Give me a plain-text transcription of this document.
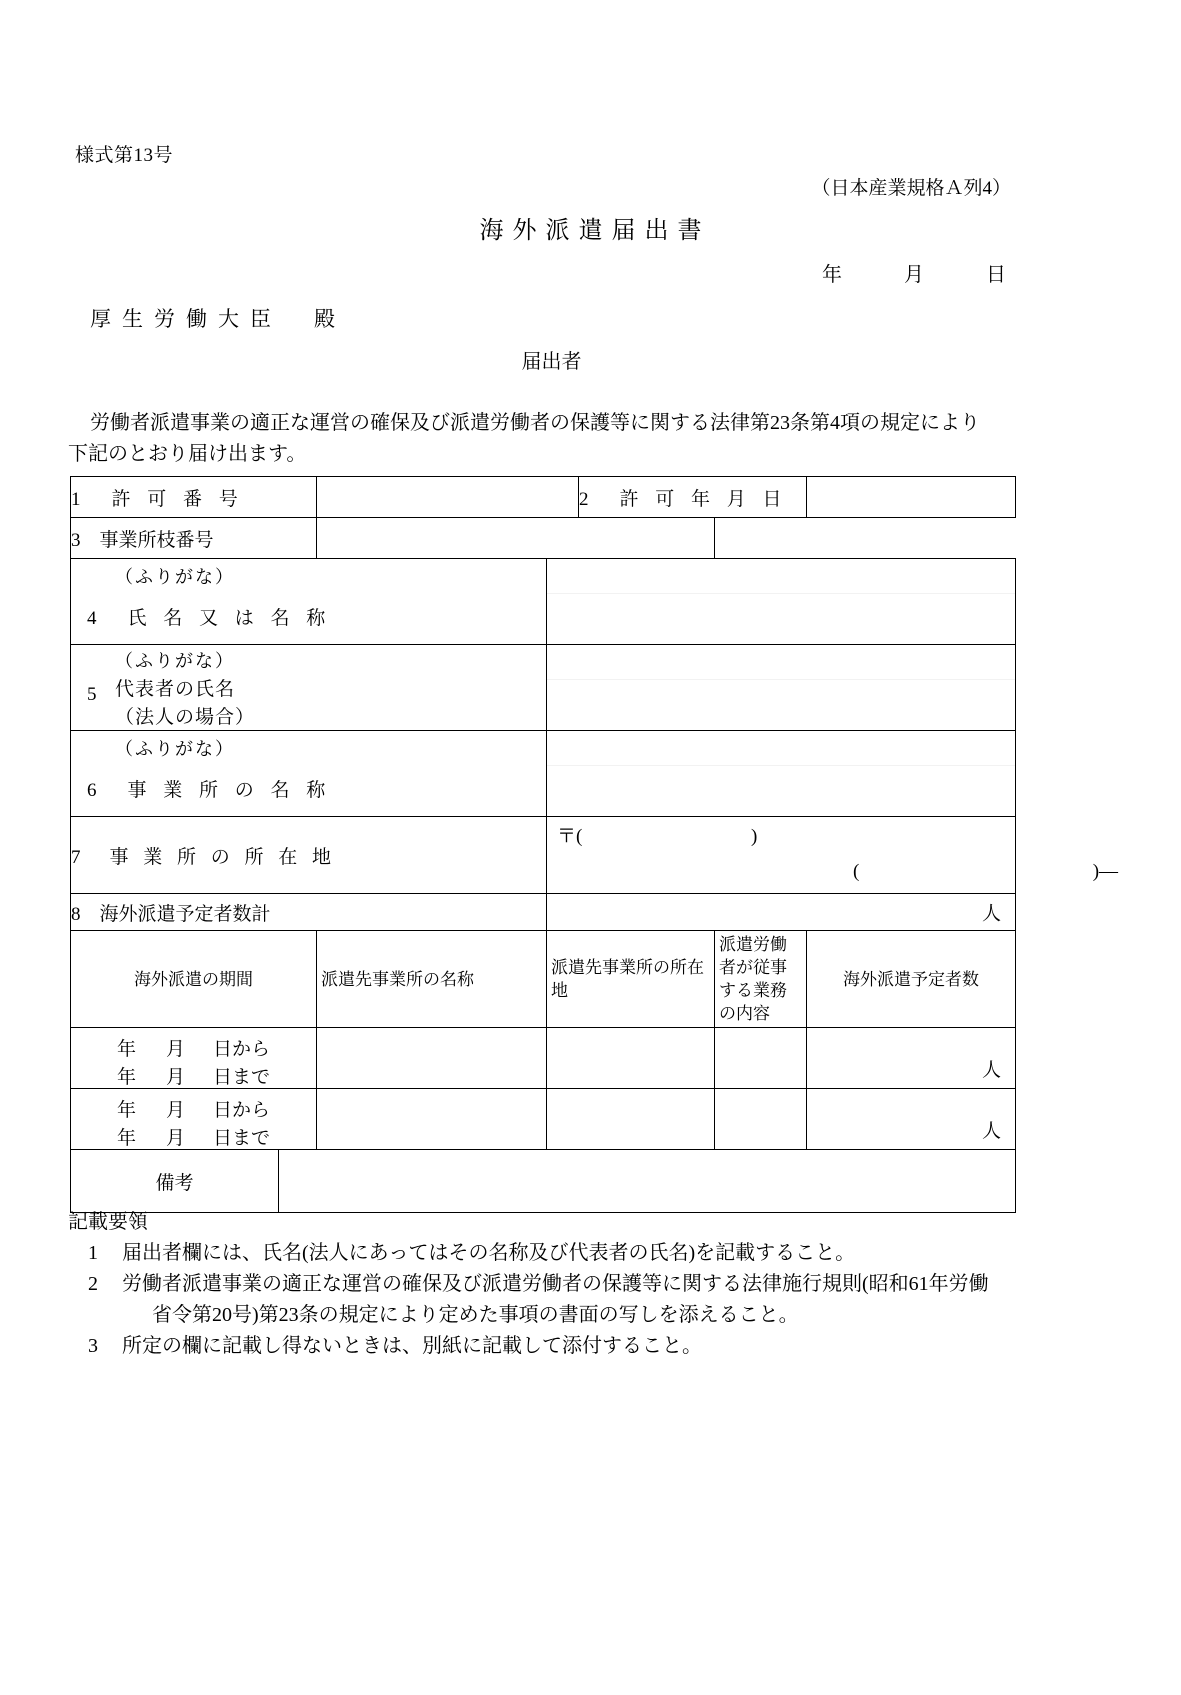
様式第13号
（日本産業規格Ａ列4）
海外派遣届出書
年	月	日
厚生労働大臣　殿
届出者
労働者派遣事業の適正な運営の確保及び派遣労働者の保護等に関する法律第23条第4項の規定により
下記のとおり届け出ます。
1　許 可 番 号				2　許 可 年 月 日		
3　事業所枝番号						

（ふりがな）
4　氏 名 又 は 名 称						

（ふりがな）
5 代表者の氏名
（法人の場合）						

（ふりがな）
6　事 業 所 の 名 称						

7　事 業 所 の 所 在 地			〒( )
( )―			

8　海外派遣予定者数計			人			

海外派遣の期間		派遣先事業所の名称	派遣先事業所の所在地		派遣労働者が従事する業務の内容	海外派遣予定者数

年 月 日から
年 月 日まで						人

年 月 日から
年 月 日まで						人

備考						
記載要領
1 届出者欄には、氏名(法人にあってはその名称及び代表者の氏名)を記載すること。
2 労働者派遣事業の適正な運営の確保及び派遣労働者の保護等に関する法律施行規則(昭和61年労働
省令第20号)第23条の規定により定めた事項の書面の写しを添えること。
3 所定の欄に記載し得ないときは、別紙に記載して添付すること。
